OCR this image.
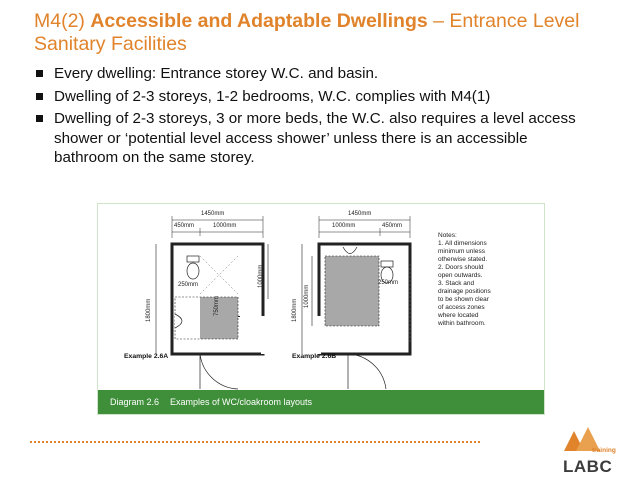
M4(2) Accessible and Adaptable Dwellings – Entrance Level Sanitary Facilities
Every dwelling: Entrance storey W.C. and basin.
Dwelling of 2-3 storeys, 1-2 bedrooms, W.C. complies with M4(1)
Dwelling of 2-3 storeys, 3 or more beds, the W.C. also requires a level access shower or ‘potential level access shower’ unless there is an accessible bathroom on the same storey.
1450mm
450mm	1000mm
1800mm
1000mm
250mm
750mm
Example 2.6A
1450mm
1000mm	450mm
1800mm
1000mm
250mm
Example 2.6B
Notes:
1. All dimensions
minimum unless
otherwise stated.
2. Doors should
open outwards.
3. Stack and
drainage positions
to be shown clear
of access zones
where located
within bathroom.
Diagram 2.6 Examples of WC/cloakroom layouts
training
LABC
